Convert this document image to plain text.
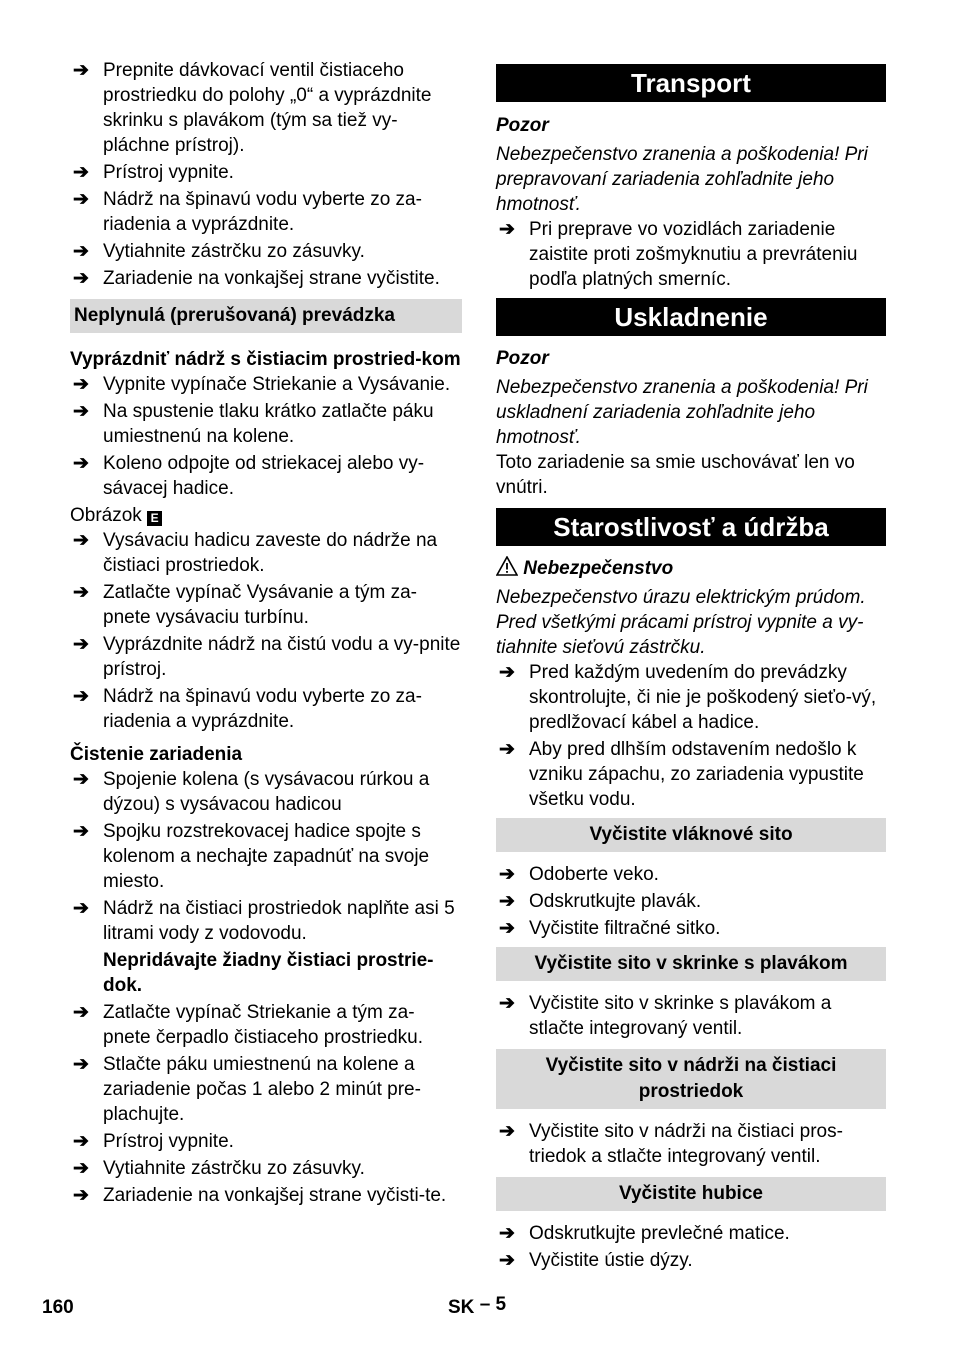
➔ Prepnite dávkovací ventil čistiaceho prostriedku do polohy „0“ a vyprázdnite skrinku s plavákom (tým sa tiež vy-pláchne prístroj).
➔ Prístroj vypnite.
➔ Nádrž na špinavú vodu vyberte zo za-riadenia a vyprázdnite.
➔ Vytiahnite zástrčku zo zásuvky.
➔ Zariadenie na vonkajšej strane vyčistite.
Neplynulá (prerušovaná) prevádzka
Vyprázdniť nádrž s čistiacim prostried-kom
➔ Vypnite vypínače Striekanie a Vysávanie.
➔ Na spustenie tlaku krátko zatlačte páku umiestnenú na kolene.
➔ Koleno odpojte od striekacej alebo vy-sávacej hadice.
Obrázok E
➔ Vysávaciu hadicu zaveste do nádrže na čistiaci prostriedok.
➔ Zatlačte vypínač Vysávanie a tým za-pnete vysávaciu turbínu.
➔ Vyprázdnite nádrž na čistú vodu a vy-pnite prístroj.
➔ Nádrž na špinavú vodu vyberte zo za-riadenia a vyprázdnite.
Čistenie zariadenia
➔ Spojenie kolena (s vysávacou rúrkou a dýzou) s vysávacou hadicou
➔ Spojku rozstrekovacej hadice spojte s kolenom a nechajte zapadnúť na svoje miesto.
➔ Nádrž na čistiaci prostriedok naplňte asi 5 litrami vody z vodovodu.
Nepridávajte žiadny čistiaci prostrie-dok.
➔ Zatlačte vypínač Striekanie a tým za-pnete čerpadlo čistiaceho prostriedku.
➔ Stlačte páku umiestnenú na kolene a zariadenie počas 1 alebo 2 minút pre-plachujte.
➔ Prístroj vypnite.
➔ Vytiahnite zástrčku zo zásuvky.
➔ Zariadenie na vonkajšej strane vyčisti-te.
Transport
Pozor
Nebezpečenstvo zranenia a poškodenia! Pri prepravovaní zariadenia zohľadnite jeho hmotnosť.
➔ Pri preprave vo vozidlách zariadenie zaistite proti zošmyknutiu a prevráteniu podľa platných smerníc.
Uskladnenie
Pozor
Nebezpečenstvo zranenia a poškodenia! Pri uskladnení zariadenia zohľadnite jeho hmotnosť.
Toto zariadenie sa smie uschovávať len vo vnútri.
Starostlivosť a údržba
Nebezpečenstvo
Nebezpečenstvo úrazu elektrickým prúdom. Pred všetkými prácami prístroj vypnite a vy-tiahnite sieťovú zástrčku.
➔ Pred každým uvedením do prevádzky skontrolujte, či nie je poškodený sieťo-vý, predlžovací kábel a hadice.
➔ Aby pred dlhším odstavením nedošlo k vzniku zápachu, zo zariadenia vypustite všetku vodu.
Vyčistite vláknové sito
➔ Odoberte veko.
➔ Odskrutkujte plavák.
➔ Vyčistite filtračné sitko.
Vyčistite sito v skrinke s plavákom
➔ Vyčistite sito v skrinke s plavákom a stlačte integrovaný ventil.
Vyčistite sito v nádrži na čistiaci prostriedok
➔ Vyčistite sito v nádrži na čistiaci pros-triedok a stlačte integrovaný ventil.
Vyčistite hubice
➔ Odskrutkujte prevlečné matice.
➔ Vyčistite ústie dýzy.
160	SK – 5
